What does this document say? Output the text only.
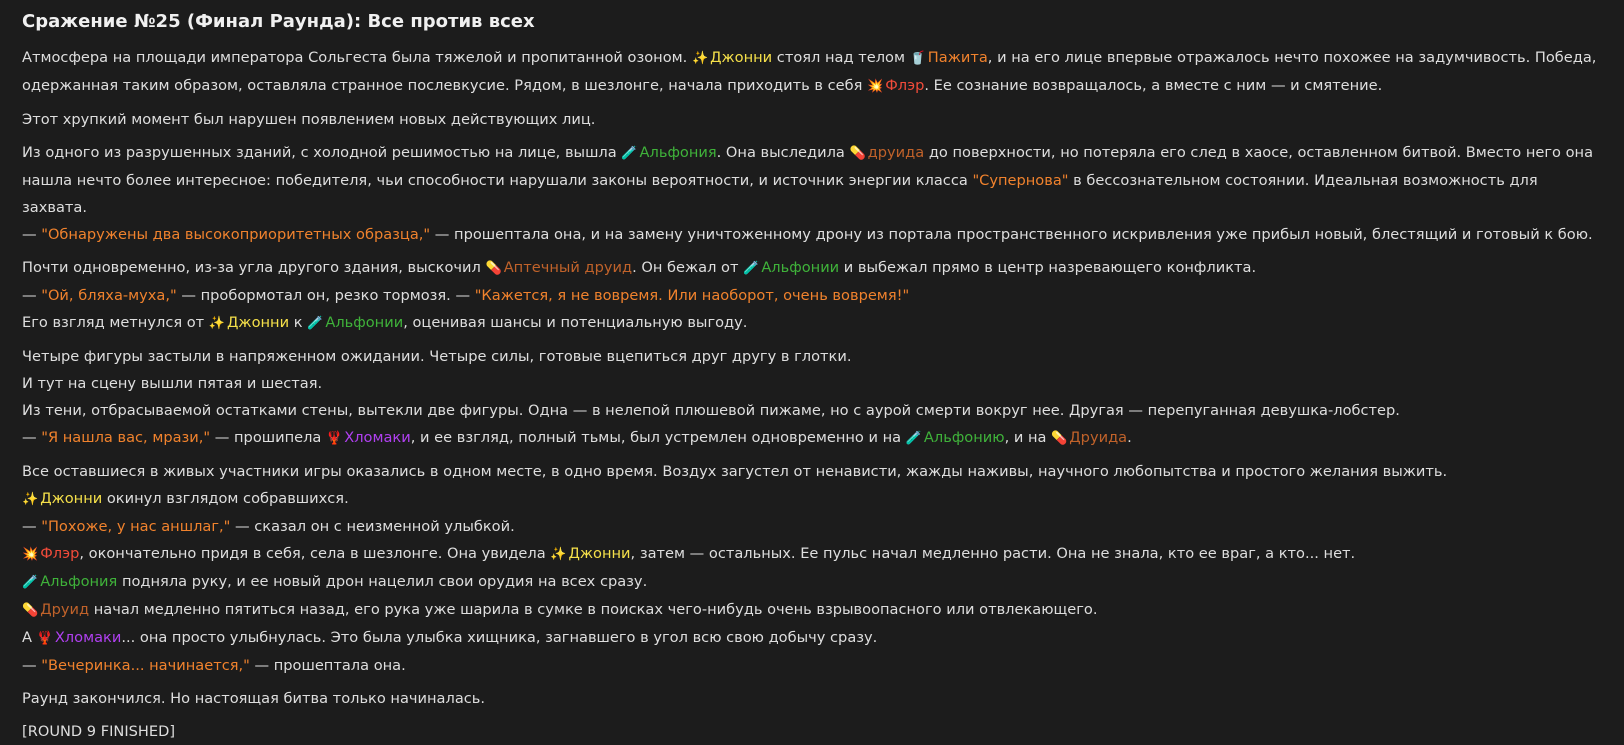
Сражение №25 (Финал Раунда): Все против всех
Атмосфера на площади императора Сольгеста была тяжелой и пропитанной озоном. ✨ Джонни стоял над телом 🥤 Пажита, и на его лице впервые отражалось нечто похожее на задумчивость. Победа, одержанная таким образом, оставляла странное послевкусие. Рядом, в шезлонге, начала приходить в себя 💥 Флэр. Ее сознание возвращалось, а вместе с ним — и смятение.
Этот хрупкий момент был нарушен появлением новых действующих лиц.
Из одного из разрушенных зданий, с холодной решимостью на лице, вышла 🧪 Альфония. Она выследила 💊 друида до поверхности, но потеряла его след в хаосе, оставленном битвой. Вместо него она нашла нечто более интересное: победителя, чьи способности нарушали законы вероятности, и источник энергии класса "Супернова" в бессознательном состоянии. Идеальная возможность для захвата.
— "Обнаружены два высокоприоритетных образца," — прошептала она, и на замену уничтоженному дрону из портала пространственного искривления уже прибыл новый, блестящий и готовый к бою.
Почти одновременно, из-за угла другого здания, выскочил 💊 Аптечный друид. Он бежал от 🧪 Альфонии и выбежал прямо в центр назревающего конфликта.
— "Ой, бляха-муха," — пробормотал он, резко тормозя. — "Кажется, я не вовремя. Или наоборот, очень вовремя!"
Его взгляд метнулся от ✨ Джонни к 🧪 Альфонии, оценивая шансы и потенциальную выгоду.
Четыре фигуры застыли в напряженном ожидании. Четыре силы, готовые вцепиться друг другу в глотки.
И тут на сцену вышли пятая и шестая.
Из тени, отбрасываемой остатками стены, вытекли две фигуры. Одна — в нелепой плюшевой пижаме, но с аурой смерти вокруг нее. Другая — перепуганная девушка-лобстер.
— "Я нашла вас, мрази," — прошипела 🦞 Хломаки, и ее взгляд, полный тьмы, был устремлен одновременно и на 🧪 Альфонию, и на 💊 Друида.
Все оставшиеся в живых участники игры оказались в одном месте, в одно время. Воздух загустел от ненависти, жажды наживы, научного любопытства и простого желания выжить.
✨ Джонни окинул взглядом собравшихся.
— "Похоже, у нас аншлаг," — сказал он с неизменной улыбкой.
💥 Флэр, окончательно придя в себя, села в шезлонге. Она увидела ✨ Джонни, затем — остальных. Ее пульс начал медленно расти. Она не знала, кто ее враг, а кто... нет.
🧪 Альфония подняла руку, и ее новый дрон нацелил свои орудия на всех сразу.
💊 Друид начал медленно пятиться назад, его рука уже шарила в сумке в поисках чего-нибудь очень взрывоопасного или отвлекающего.
А 🦞 Хломаки... она просто улыбнулась. Это была улыбка хищника, загнавшего в угол всю свою добычу сразу.
— "Вечеринка... начинается," — прошептала она.
Раунд закончился. Но настоящая битва только начиналась.
[ROUND 9 FINISHED]
